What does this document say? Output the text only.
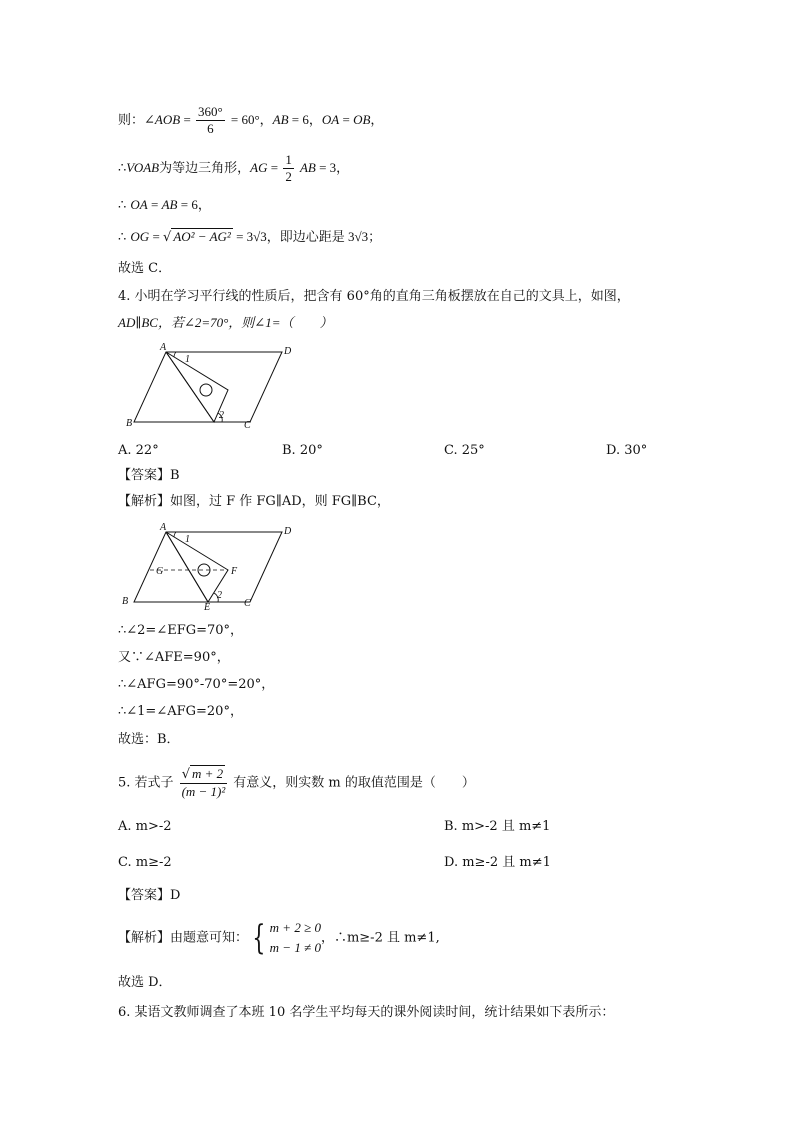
则：∠AOB = $\frac{360^\circ}{6} = 60^\circ$，AB = 6，OA = OB，
∴VOAB为等边三角形，AG = $\frac{1}{2}$ AB = 3，
∴ OA = AB = 6，
∴ OG = √ AO² − AG² = 3√3，即边心距是 3√3；
故选 C．
4. 小明在学习平行线的性质后，把含有 60°角的直角三角板摆放在自己的文具上，如图，
AD∥BC，若∠2=70°，则∠1=（　　）
A	D
B	C
1
2
A. 22°	B. 20°	C. 25°	D. 30°
【答案】B
【解析】如图，过 F 作 FG∥AD，则 FG∥BC，
A	D
B	C
1
2
G	F
E
∴∠2=∠EFG=70°，
又∵∠AFE=90°，
∴∠AFG=90°-70°=20°，
∴∠1=∠AFG=20°，
故选：B．
5. 若式子 $\frac{√ m + 2}{\text{(m − 1)²}}$ 有意义，则实数 m 的取值范围是（　　）
A. m>-2	B. m>-2 且 m≠1
C. m≥-2	D. m≥-2 且 m≠1
【答案】D
【解析】由题意可知： { m + 2 ≥ 0
m − 1 ≠ 0
，∴m≥-2 且 m≠1,
故选 D．
6. 某语文教师调查了本班 10 名学生平均每天的课外阅读时间，统计结果如下表所示：
